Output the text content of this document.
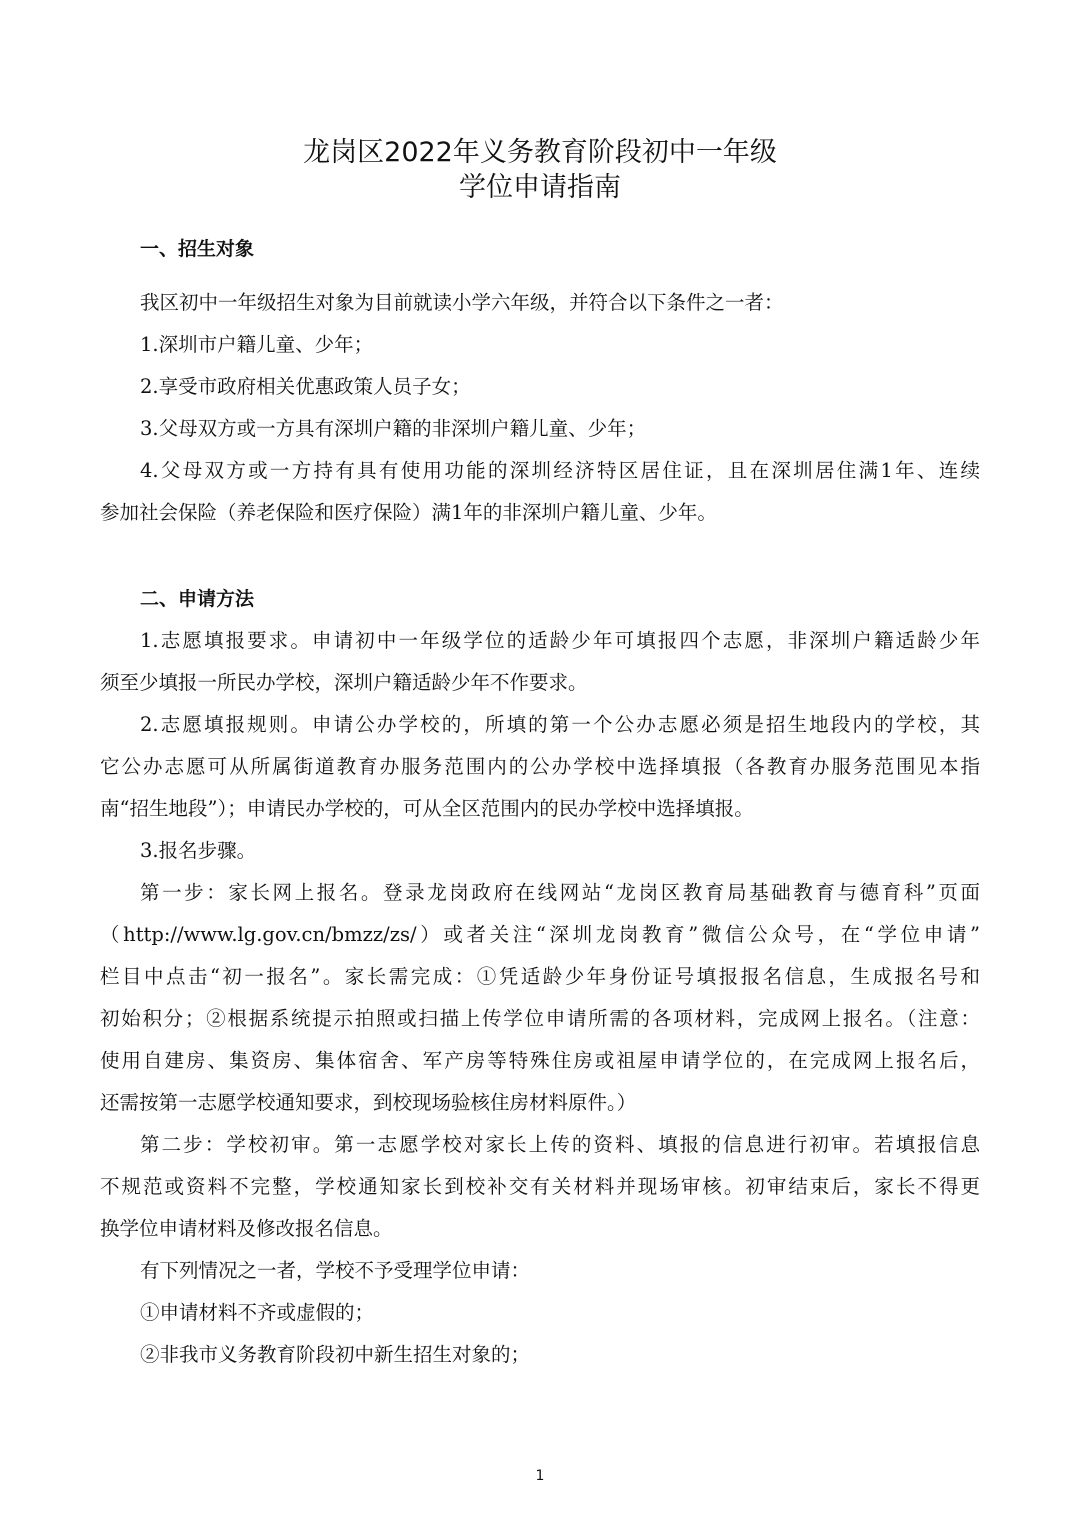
龙岗区2022年义务教育阶段初中一年级
学位申请指南
一、招生对象
我区初中一年级招生对象为目前就读小学六年级，并符合以下条件之一者：
1.深圳市户籍儿童、少年；
2.享受市政府相关优惠政策人员子女；
3.父母双方或一方具有深圳户籍的非深圳户籍儿童、少年；
4.父母双方或一方持有具有使用功能的深圳经济特区居住证，且在深圳居住满1年、连续
参加社会保险（养老保险和医疗保险）满1年的非深圳户籍儿童、少年。
二、申请方法
1.志愿填报要求。申请初中一年级学位的适龄少年可填报四个志愿，非深圳户籍适龄少年
须至少填报一所民办学校，深圳户籍适龄少年不作要求。
2.志愿填报规则。申请公办学校的，所填的第一个公办志愿必须是招生地段内的学校，其
它公办志愿可从所属街道教育办服务范围内的公办学校中选择填报（各教育办服务范围见本指
南“招生地段”）；申请民办学校的，可从全区范围内的民办学校中选择填报。
3.报名步骤。
第一步：家长网上报名。登录龙岗政府在线网站“龙岗区教育局基础教育与德育科”页面
（http://www.lg.gov.cn/bmzz/zs/）或者关注“深圳龙岗教育”微信公众号，在“学位申请”
栏目中点击“初一报名”。家长需完成：①凭适龄少年身份证号填报报名信息，生成报名号和
初始积分；②根据系统提示拍照或扫描上传学位申请所需的各项材料，完成网上报名。（注意：
使用自建房、集资房、集体宿舍、军产房等特殊住房或祖屋申请学位的，在完成网上报名后，
还需按第一志愿学校通知要求，到校现场验核住房材料原件。）
第二步：学校初审。第一志愿学校对家长上传的资料、填报的信息进行初审。若填报信息
不规范或资料不完整，学校通知家长到校补交有关材料并现场审核。初审结束后，家长不得更
换学位申请材料及修改报名信息。
有下列情况之一者，学校不予受理学位申请：
①申请材料不齐或虚假的；
②非我市义务教育阶段初中新生招生对象的；
1
